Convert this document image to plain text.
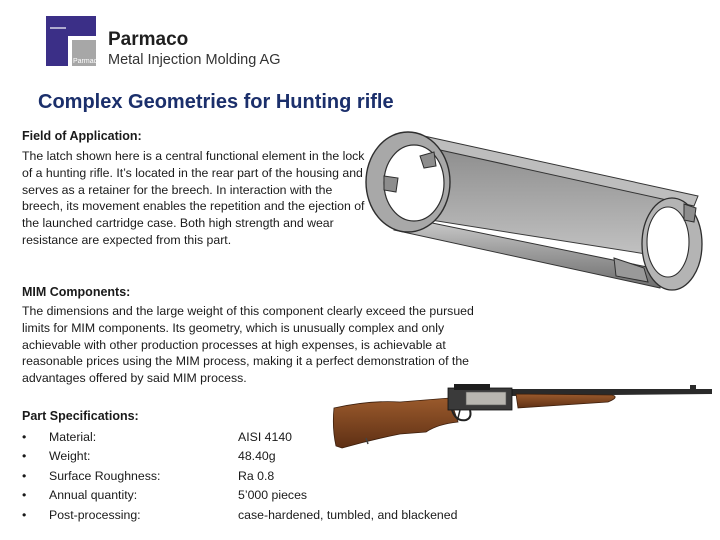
Parmaco
Parmaco
Metal Injection Molding AG
Complex Geometries for Hunting rifle
Field of Application:

The latch shown here is a central functional element in the lock of a hunting rifle. It’s located in the rear part of the housing and serves as a retainer for the breech. In interaction with the breech, its movement enables the repetition and the ejection of the launched cartridge case. Both high strength and wear resistance are expected from this part.

MIM Components:

The dimensions and the large weight of this component clearly exceed the pursued limits for MIM components. Its geometry, which is unusually complex and only achievable with other production processes at high expenses, is achievable at reasonable prices using the MIM process, making it a perfect demonstration of the advantages offered by said MIM process.

Part Specifications:
• Material:	AISI 4140
• Weight:	48.40g
• Surface Roughness:	Ra 0.8
• Annual quantity:	5’000 pieces
• Post-processing:	case-hardened, tumbled, and blackened
